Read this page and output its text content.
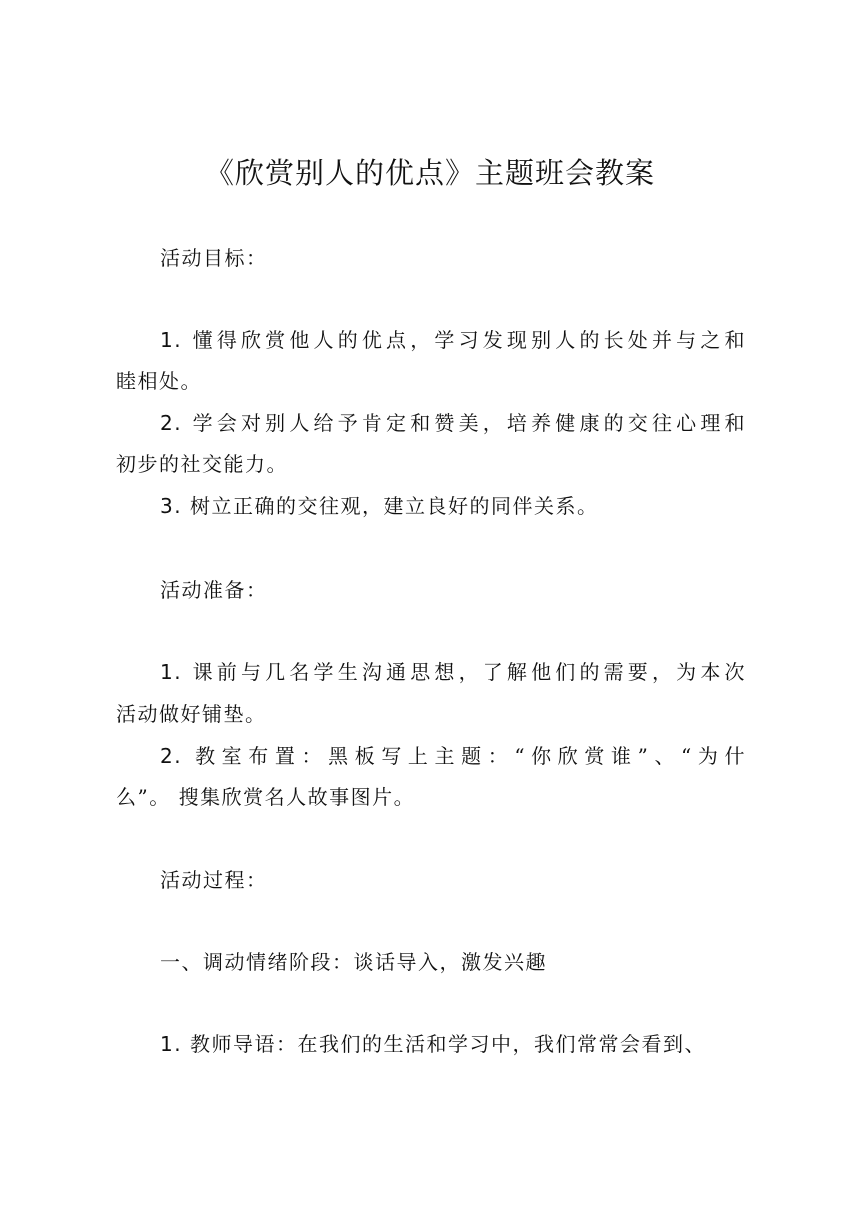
《欣赏别人的优点》主题班会教案
活动目标：
1. 懂得欣赏他人的优点，学习发现别人的长处并与之和
睦相处。
2. 学会对别人给予肯定和赞美，培养健康的交往心理和
初步的社交能力。
3. 树立正确的交往观，建立良好的同伴关系。
活动准备：
1. 课前与几名学生沟通思想，了解他们的需要，为本次
活动做好铺垫。
2. 教室布置：黑板写上主题：“你欣赏谁”、“为什
么”。 搜集欣赏名人故事图片。
活动过程：
一、调动情绪阶段：谈话导入，激发兴趣
1. 教师导语：在我们的生活和学习中，我们常常会看到、
